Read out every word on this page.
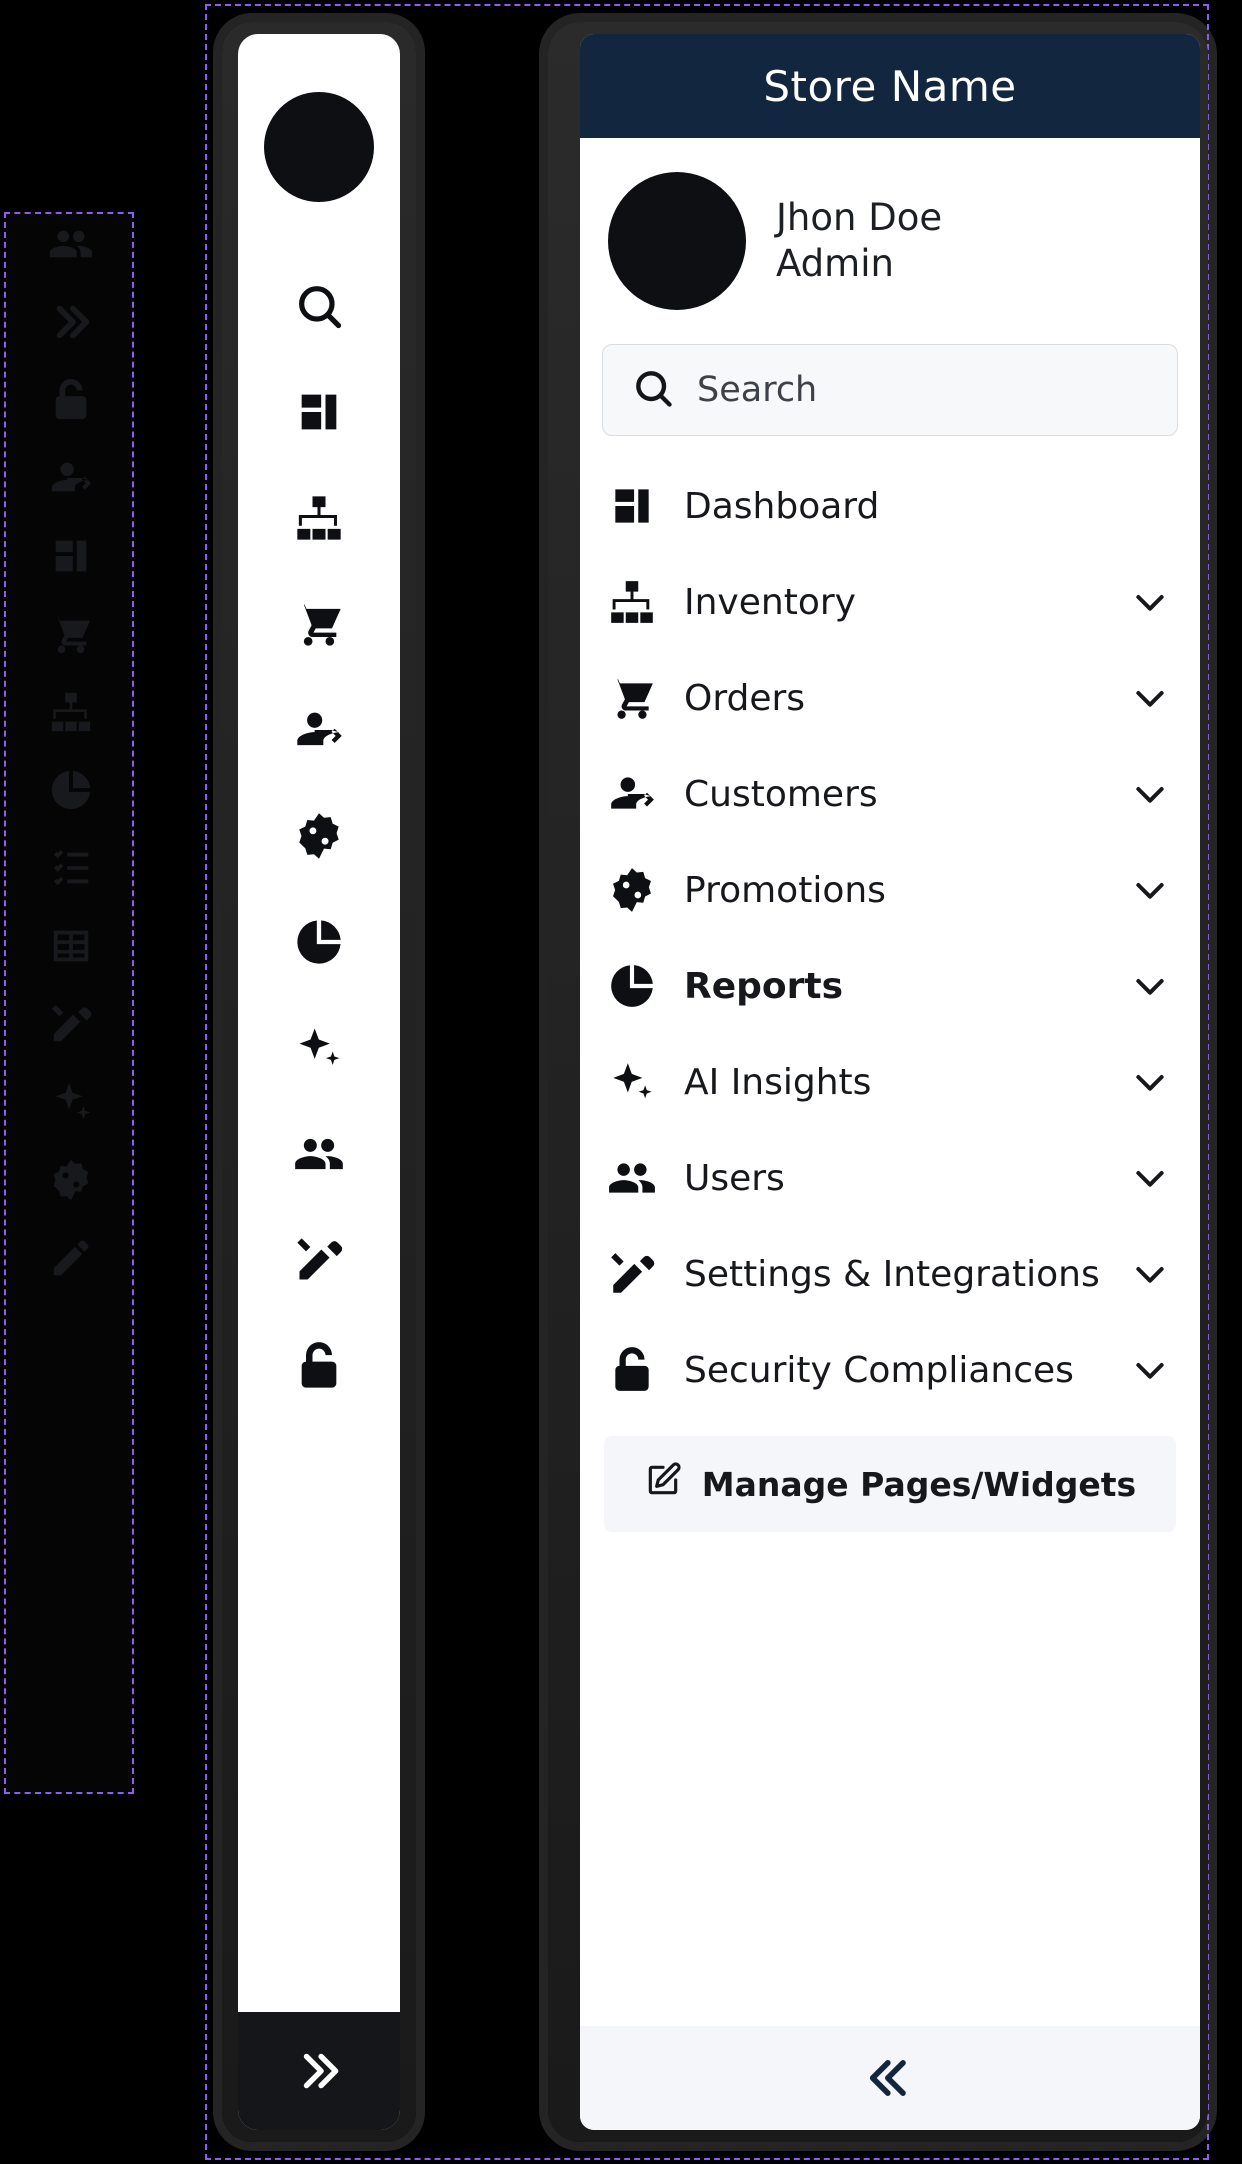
Store Name
Jhon Doe
Admin
Search
Dashboard
Inventory
Orders
Customers
Promotions
Reports
AI Insights
Users
Settings & Integrations
Security Compliances
Manage Pages/Widgets
